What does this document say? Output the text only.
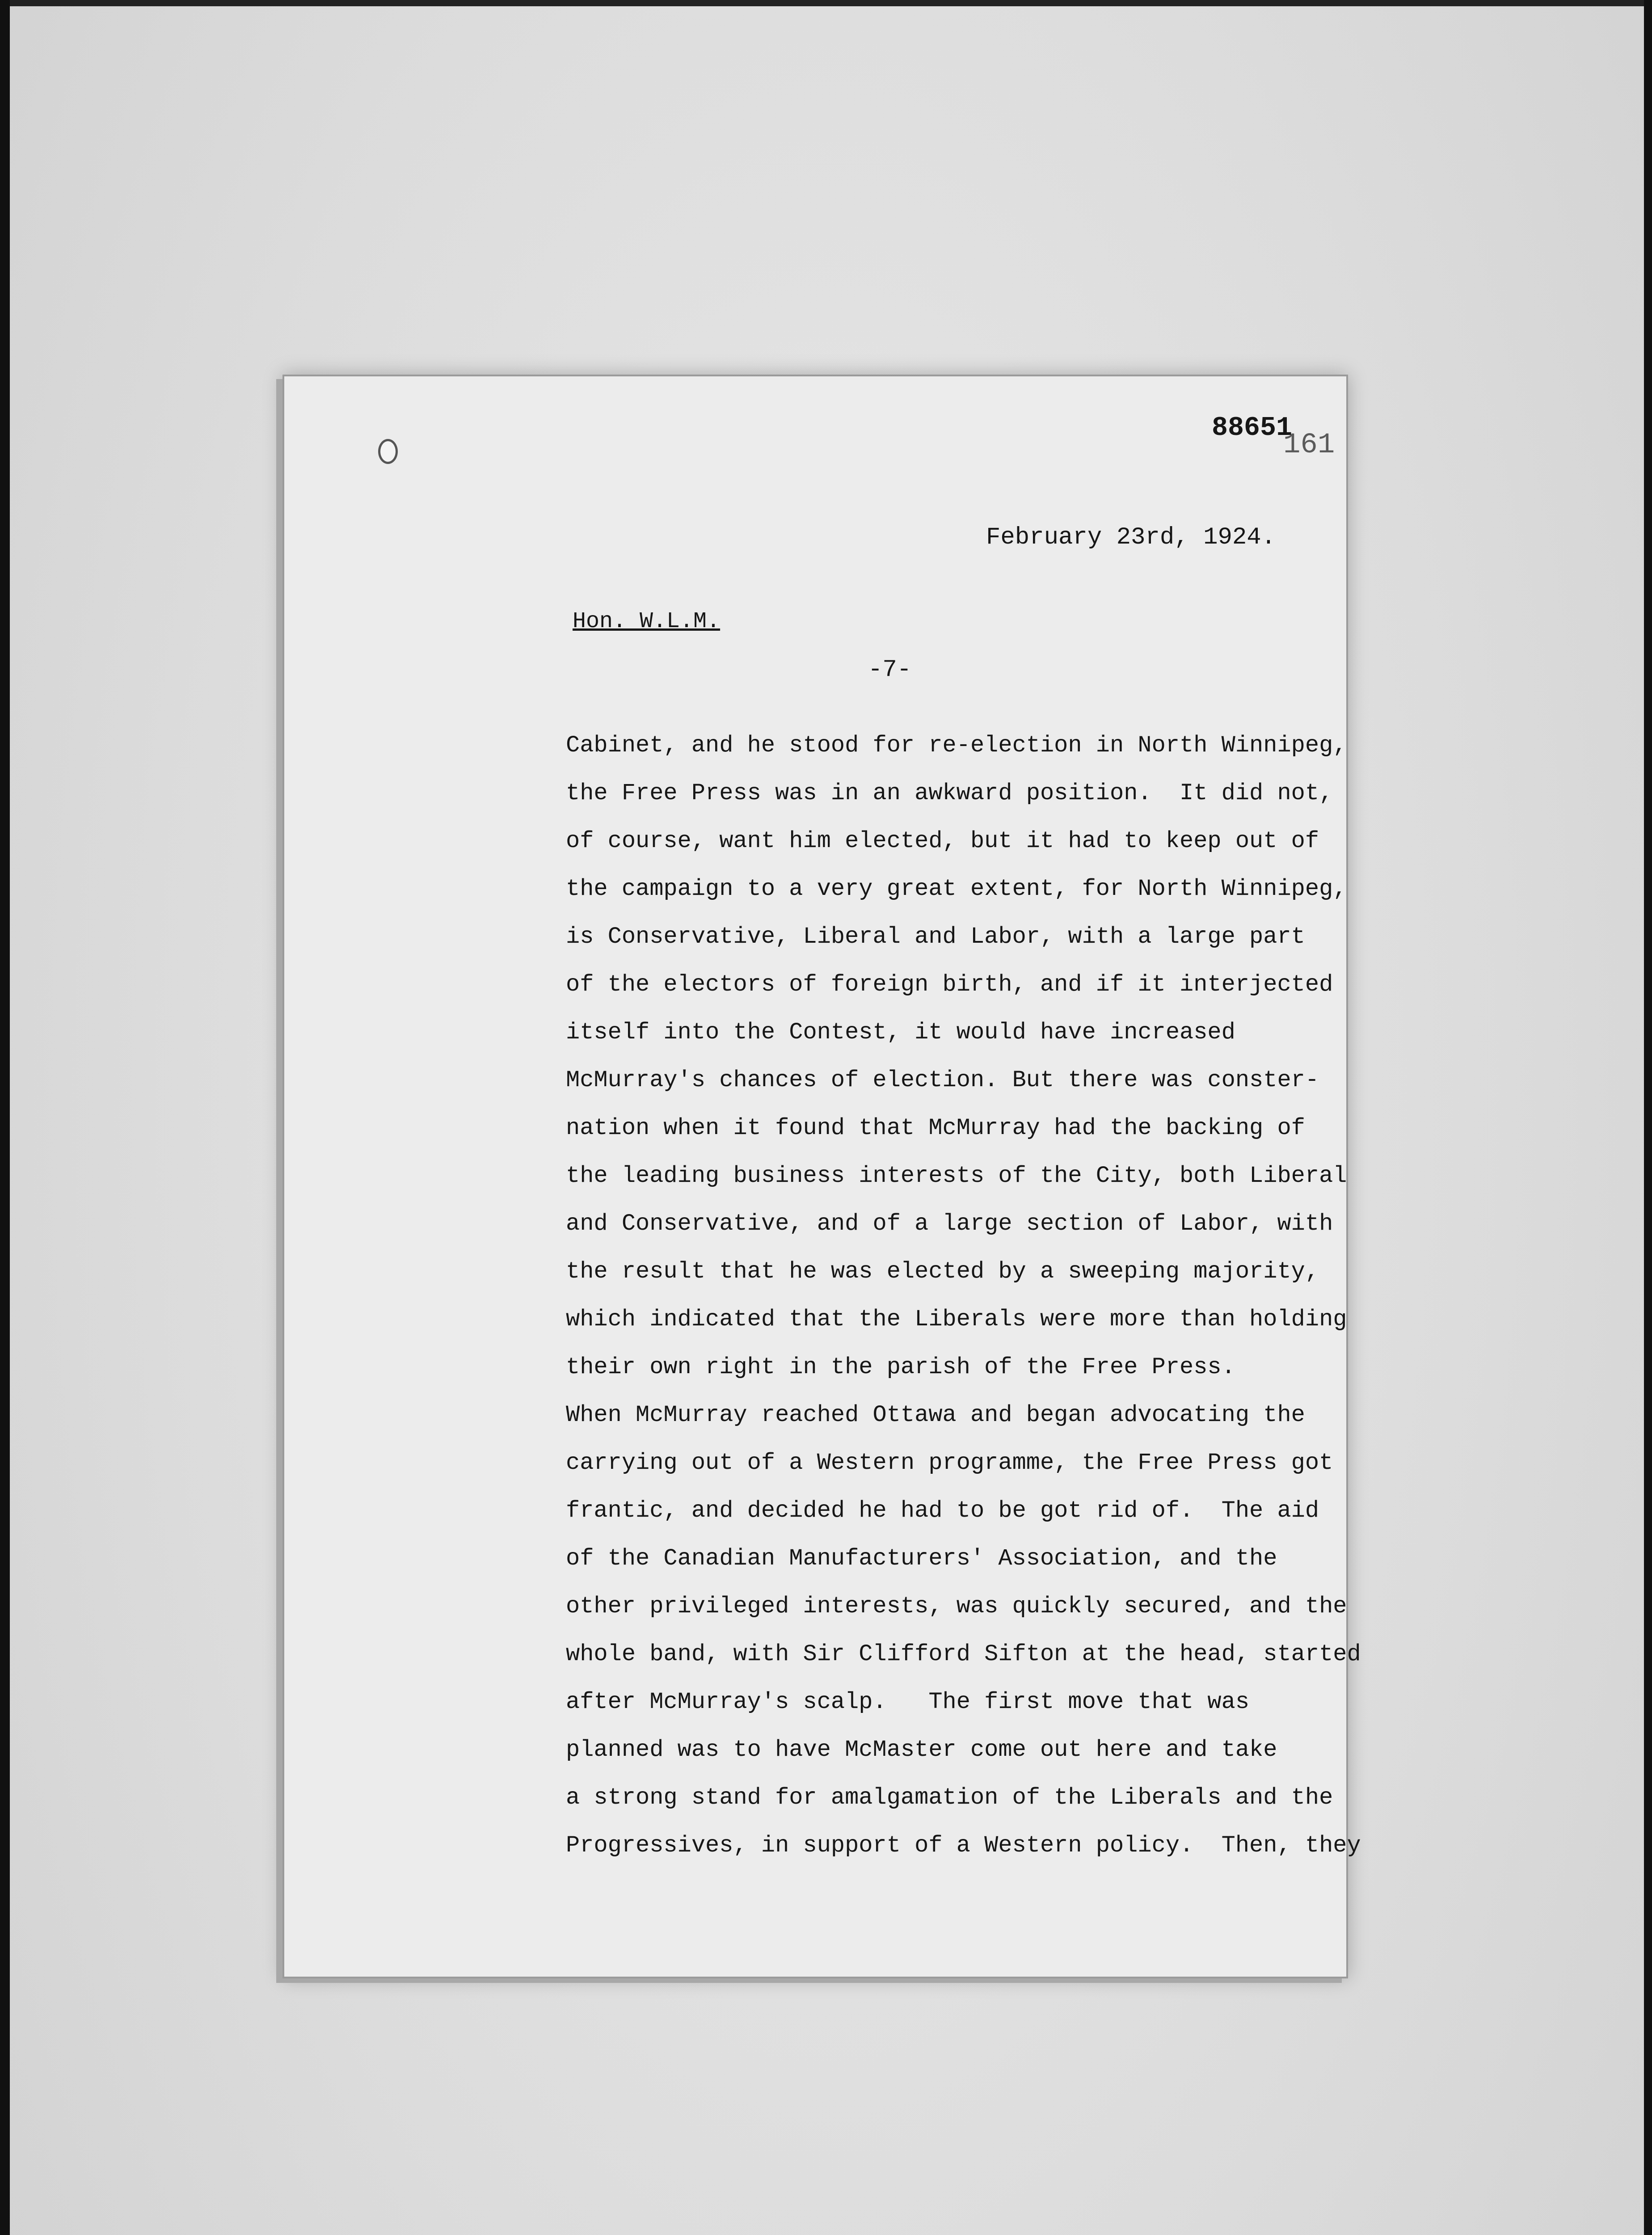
88651
161
February 23rd, 1924.
Hon. W.L.M.
-7-
Cabinet, and he stood for re-election in North Winnipeg,
the Free Press was in an awkward position.  It did not,
of course, want him elected, but it had to keep out of
the campaign to a very great extent, for North Winnipeg,
is Conservative, Liberal and Labor, with a large part
of the electors of foreign birth, and if it interjected
itself into the Contest, it would have increased
McMurray's chances of election. But there was conster-
nation when it found that McMurray had the backing of
the leading business interests of the City, both Liberal
and Conservative, and of a large section of Labor, with
the result that he was elected by a sweeping majority,
which indicated that the Liberals were more than holding
their own right in the parish of the Free Press.
When McMurray reached Ottawa and began advocating the
carrying out of a Western programme, the Free Press got
frantic, and decided he had to be got rid of.  The aid
of the Canadian Manufacturers' Association, and the
other privileged interests, was quickly secured, and the
whole band, with Sir Clifford Sifton at the head, started
after McMurray's scalp.   The first move that was
planned was to have McMaster come out here and take
a strong stand for amalgamation of the Liberals and the
Progressives, in support of a Western policy.  Then, they
